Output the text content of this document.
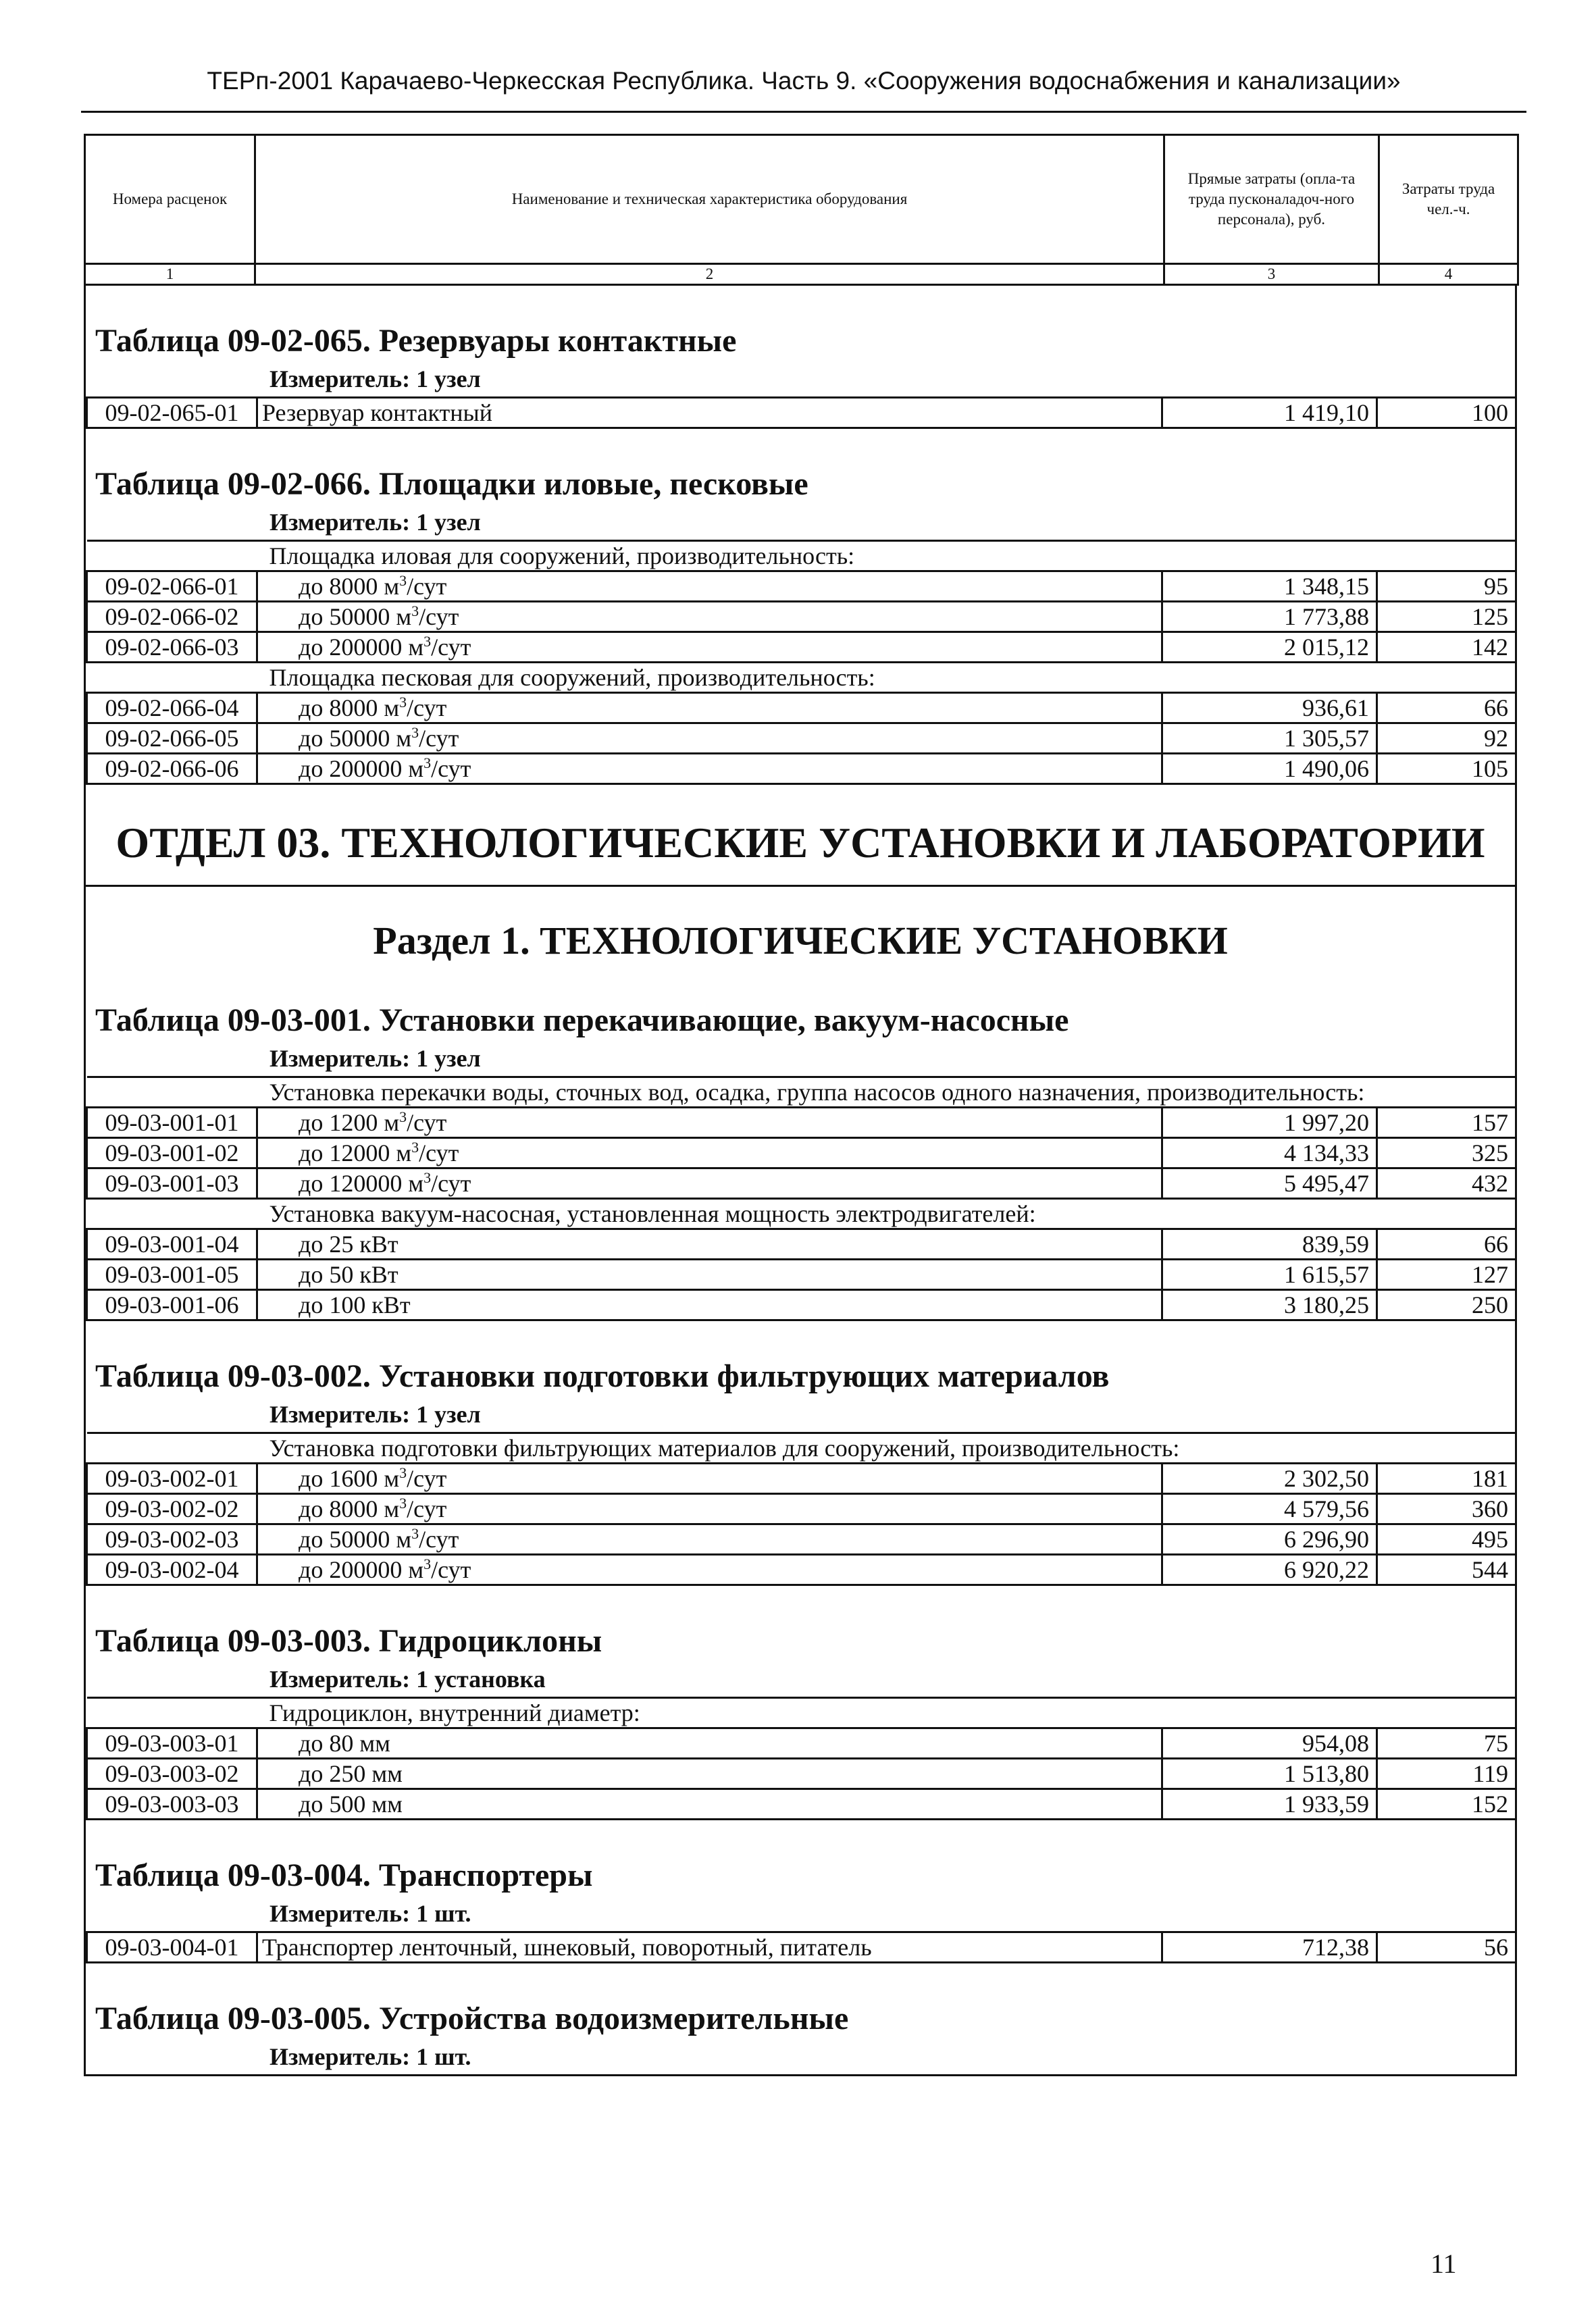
ТЕРп-2001 Карачаево-Черкесская Республика. Часть 9. «Сооружения водоснабжения и канализации»
Номера расценок	Наименование и техническая характеристика оборудования	Прямые затраты (опла-та труда пусконаладоч-ного персонала), руб.	Затраты труда чел.-ч.
1	2	3	4
Таблица 09-02-065. Резервуары контактные
Измеритель: 1 узел
09-02-065-01	Резервуар контактный	1 419,10	100
Таблица 09-02-066. Площадки иловые, песковые
Измеритель: 1 узел
Площадка иловая для сооружений, производительность:			
09-02-066-01	до 8000 $м^3$/сут	1 348,15	95
09-02-066-02	до 50000 $м^3$/сут	1 773,88	125
09-02-066-03	до 200000 $м^3$/сут	2 015,12	142
Площадка песковая для сооружений, производительность:			
09-02-066-04	до 8000 $м^3$/сут	936,61	66
09-02-066-05	до 50000 $м^3$/сут	1 305,57	92
09-02-066-06	до 200000 $м^3$/сут	1 490,06	105
ОТДЕЛ 03. ТЕХНОЛОГИЧЕСКИЕ УСТАНОВКИ И ЛАБОРАТОРИИ
Раздел 1. ТЕХНОЛОГИЧЕСКИЕ УСТАНОВКИ
Таблица 09-03-001. Установки перекачивающие, вакуум-насосные
Измеритель: 1 узел
Установка перекачки воды, сточных вод, осадка, группа насосов одного назначения, производительность:			
09-03-001-01	до 1200 $м^3$/сут	1 997,20	157
09-03-001-02	до 12000 $м^3$/сут	4 134,33	325
09-03-001-03	до 120000 $м^3$/сут	5 495,47	432
Установка вакуум-насосная, установленная мощность электродвигателей:			
09-03-001-04	до 25 кВт	839,59	66
09-03-001-05	до 50 кВт	1 615,57	127
09-03-001-06	до 100 кВт	3 180,25	250
Таблица 09-03-002. Установки подготовки фильтрующих материалов
Измеритель: 1 узел
Установка подготовки фильтрующих материалов для сооружений, производительность:			
09-03-002-01	до 1600 $м^3$/сут	2 302,50	181
09-03-002-02	до 8000 $м^3$/сут	4 579,56	360
09-03-002-03	до 50000 $м^3$/сут	6 296,90	495
09-03-002-04	до 200000 $м^3$/сут	6 920,22	544
Таблица 09-03-003. Гидроциклоны
Измеритель: 1 установка
Гидроциклон, внутренний диаметр:			
09-03-003-01	до 80 мм	954,08	75
09-03-003-02	до 250 мм	1 513,80	119
09-03-003-03	до 500 мм	1 933,59	152
Таблица 09-03-004. Транспортеры
Измеритель: 1 шт.
09-03-004-01	Транспортер ленточный, шнековый, поворотный, питатель	712,38	56
Таблица 09-03-005. Устройства водоизмерительные
Измеритель: 1 шт.
11
